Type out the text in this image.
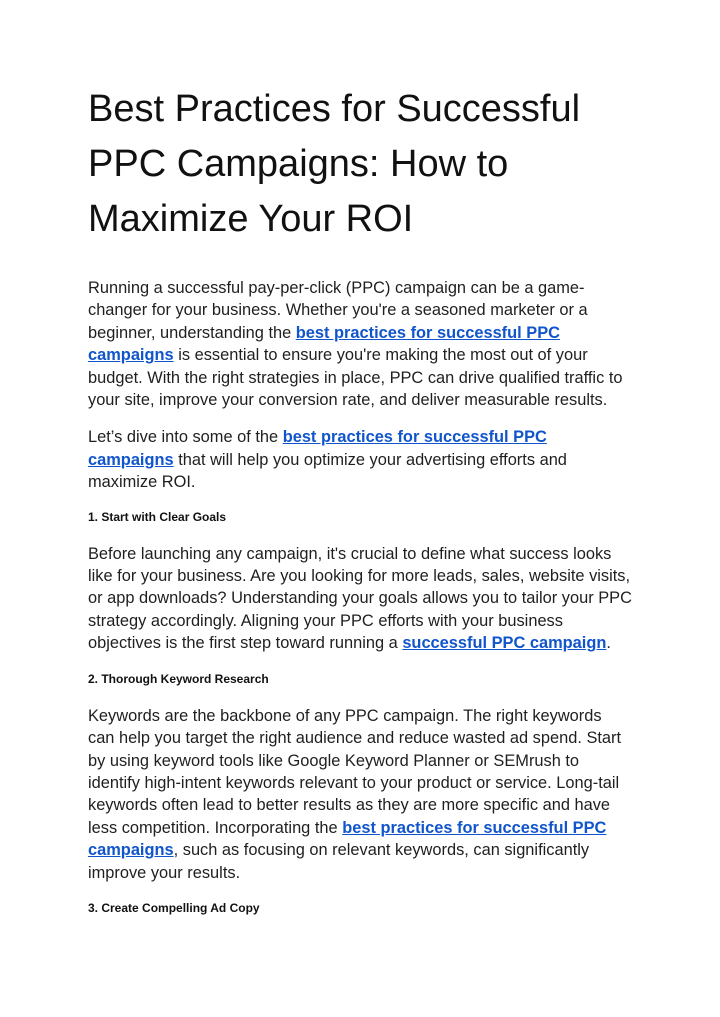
Best Practices for Successful PPC Campaigns: How to Maximize Your ROI

Running a successful pay-per-click (PPC) campaign can be a game-changer for your business. Whether you're a seasoned marketer or a beginner, understanding the best practices for successful PPC campaigns is essential to ensure you're making the most out of your budget. With the right strategies in place, PPC can drive qualified traffic to your site, improve your conversion rate, and deliver measurable results.

Let’s dive into some of the best practices for successful PPC campaigns that will help you optimize your advertising efforts and maximize ROI.

1. Start with Clear Goals

Before launching any campaign, it's crucial to define what success looks like for your business. Are you looking for more leads, sales, website visits, or app downloads? Understanding your goals allows you to tailor your PPC strategy accordingly. Aligning your PPC efforts with your business objectives is the first step toward running a successful PPC campaign.

2. Thorough Keyword Research

Keywords are the backbone of any PPC campaign. The right keywords can help you target the right audience and reduce wasted ad spend. Start by using keyword tools like Google Keyword Planner or SEMrush to identify high-intent keywords relevant to your product or service. Long-tail keywords often lead to better results as they are more specific and have less competition. Incorporating the best practices for successful PPC campaigns, such as focusing on relevant keywords, can significantly improve your results.

3. Create Compelling Ad Copy
